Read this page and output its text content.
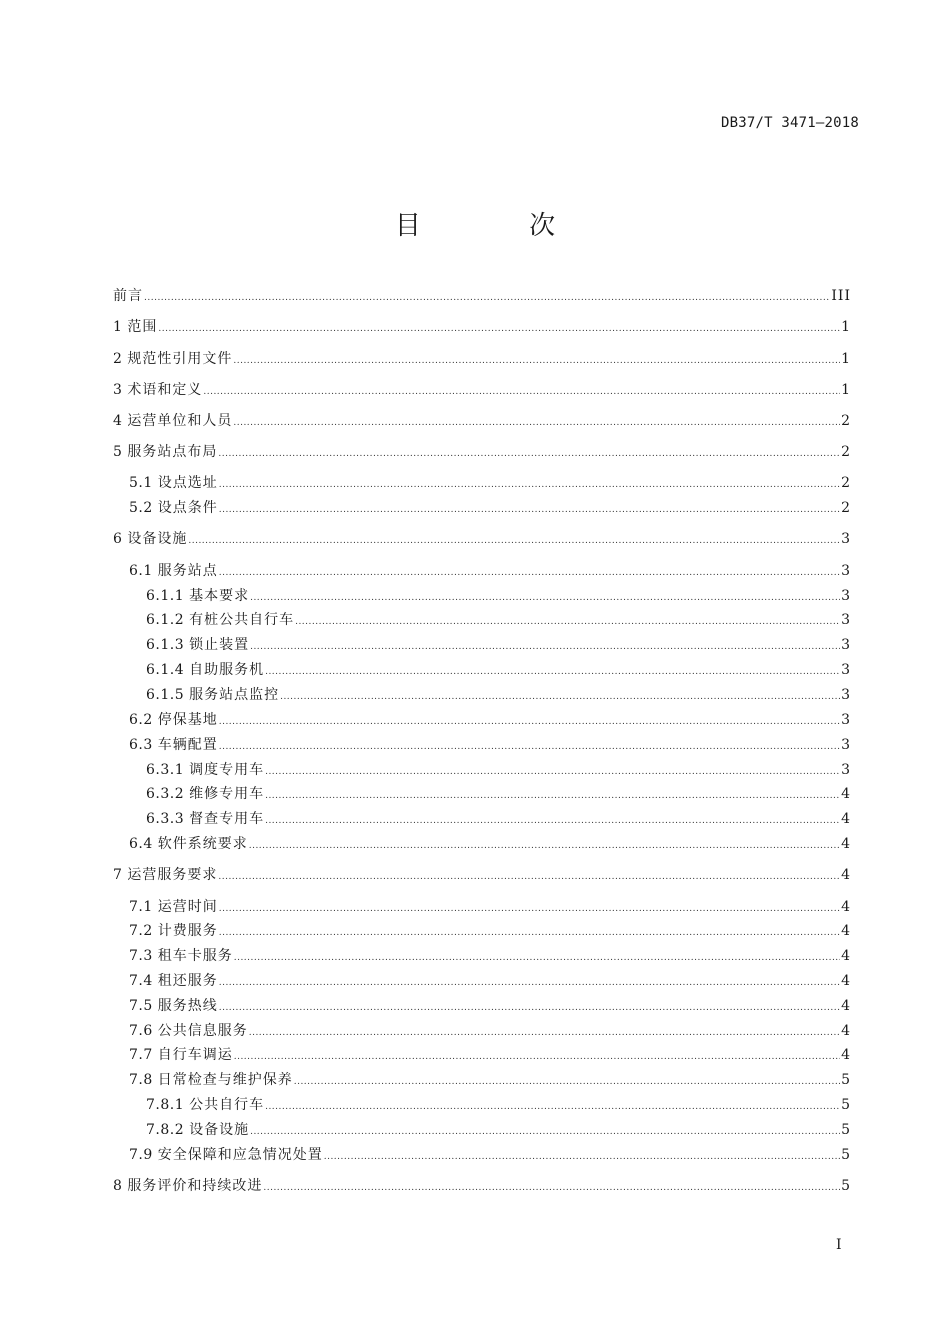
DB37/T 3471—2018
目 次
前言 .....	III
1 范围 .....	1
2 规范性引用文件 .....	1
3 术语和定义 .....	1
4 运营单位和人员 .....	2
5 服务站点布局 .....	2
5.1 设点选址 .....	2
5.2 设点条件 .....	2
6 设备设施 .....	3
6.1 服务站点 .....	3
6.1.1 基本要求 .....	3
6.1.2 有桩公共自行车 .....	3
6.1.3 锁止装置 .....	3
6.1.4 自助服务机 .....	3
6.1.5 服务站点监控 .....	3
6.2 停保基地 .....	3
6.3 车辆配置 .....	3
6.3.1 调度专用车 .....	3
6.3.2 维修专用车 .....	4
6.3.3 督查专用车 .....	4
6.4 软件系统要求 .....	4
7 运营服务要求 .....	4
7.1 运营时间 .....	4
7.2 计费服务 .....	4
7.3 租车卡服务 .....	4
7.4 租还服务 .....	4
7.5 服务热线 .....	4
7.6 公共信息服务 .....	4
7.7 自行车调运 .....	4
7.8 日常检查与维护保养 .....	5
7.8.1 公共自行车 .....	5
7.8.2 设备设施 .....	5
7.9 安全保障和应急情况处置 .....	5
8 服务评价和持续改进 .....	5
I
